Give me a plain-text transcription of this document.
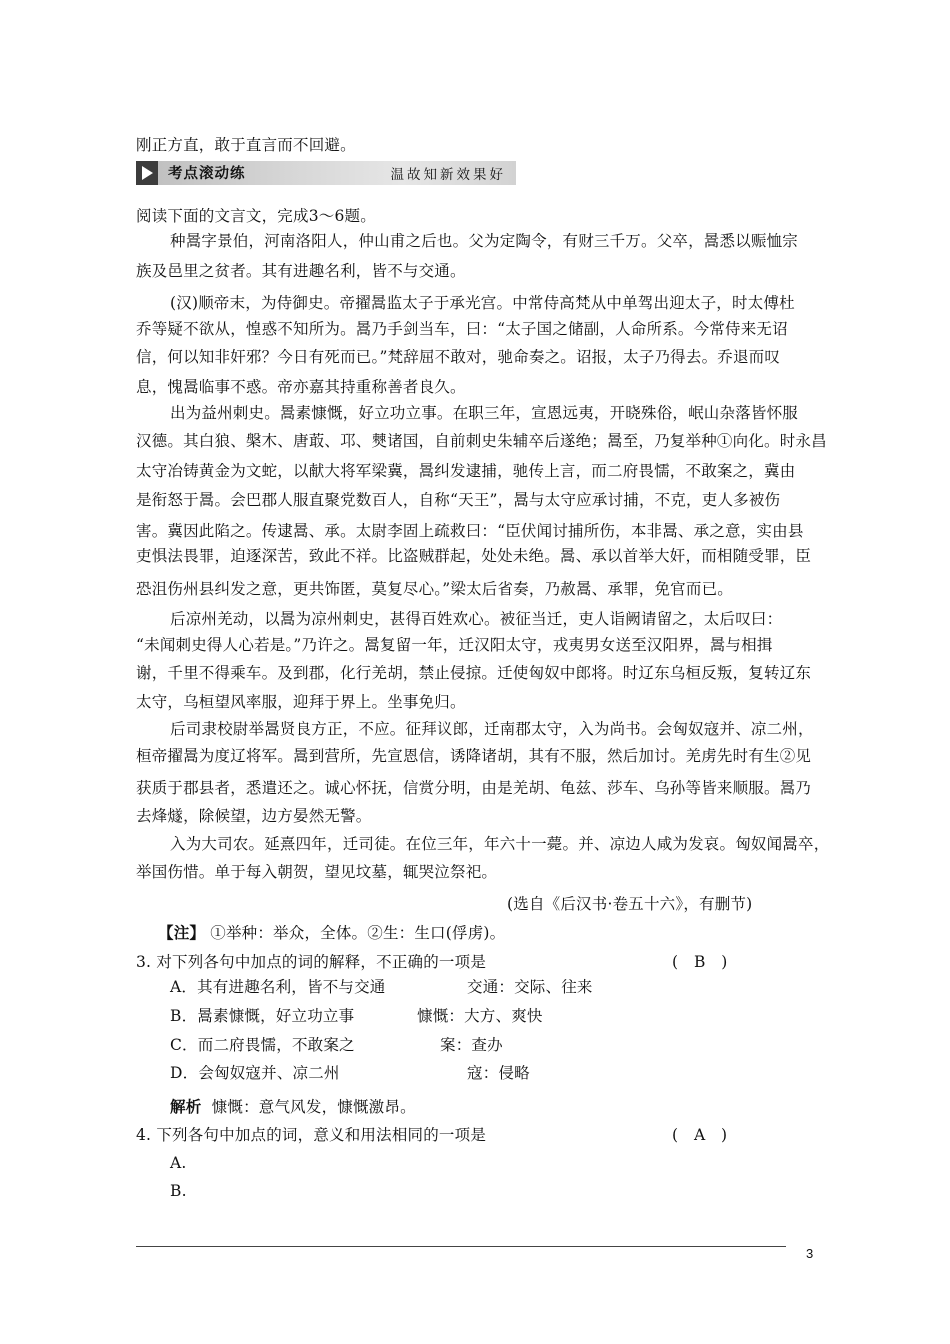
刚正方直，敢于直言而不回避。
考点滚动练	温故知新效果好
阅读下面的文言文，完成3～6题。
种暠字景伯，河南洛阳人，仲山甫之后也。父为定陶令，有财三千万。父卒，暠悉以赈恤宗
族及邑里之贫者。其有进趣名利，皆不与交通。
(汉)顺帝末，为侍御史。帝擢暠监太子于承光宫。中常侍高梵从中单驾出迎太子，时太傅杜
乔等疑不欲从，惶惑不知所为。暠乃手剑当车，曰：“太子国之储副，人命所系。今常侍来无诏
信，何以知非奸邪？今日有死而已。”梵辞屈不敢对，驰命奏之。诏报，太子乃得去。乔退而叹
息，愧暠临事不惑。帝亦嘉其持重称善者良久。
出为益州刺史。暠素慷慨，好立功立事。在职三年，宣恩远夷，开晓殊俗，岷山杂落皆怀服
汉德。其白狼、槃木、唐菆、邛、僰诸国，自前刺史朱辅卒后遂绝；暠至，乃复举种①向化。时永昌
太守冶铸黄金为文蛇，以献大将军梁冀，暠纠发逮捕，驰传上言，而二府畏懦，不敢案之，冀由
是衔怒于暠。会巴郡人服直聚党数百人，自称“天王”，暠与太守应承讨捕，不克，吏人多被伤
害。冀因此陷之。传逮暠、承。太尉李固上疏救曰：“臣伏闻讨捕所伤，本非暠、承之意，实由县
吏惧法畏罪，迫逐深苦，致此不祥。比盗贼群起，处处未绝。暠、承以首举大奸，而相随受罪，臣
恐沮伤州县纠发之意，更共饰匿，莫复尽心。”梁太后省奏，乃赦暠、承罪，免官而已。
后凉州羌动，以暠为凉州刺史，甚得百姓欢心。被征当迁，吏人诣阙请留之，太后叹曰：
“未闻刺史得人心若是。”乃许之。暠复留一年，迁汉阳太守，戎夷男女送至汉阳界，暠与相揖
谢，千里不得乘车。及到郡，化行羌胡，禁止侵掠。迁使匈奴中郎将。时辽东乌桓反叛，复转辽东
太守，乌桓望风率服，迎拜于界上。坐事免归。
后司隶校尉举暠贤良方正，不应。征拜议郎，迁南郡太守，入为尚书。会匈奴寇并、凉二州，
桓帝擢暠为度辽将军。暠到营所，先宣恩信，诱降诸胡，其有不服，然后加讨。羌虏先时有生②见
获质于郡县者，悉遣还之。诚心怀抚，信赏分明，由是羌胡、龟兹、莎车、乌孙等皆来顺服。暠乃
去烽燧，除候望，边方晏然无警。
入为大司农。延熹四年，迁司徒。在位三年，年六十一薨。并、凉边人咸为发哀。匈奴闻暠卒，
举国伤惜。单于每入朝贺，望见坟墓，辄哭泣祭祀。
(选自《后汉书·卷五十六》，有删节)
【注】 ①举种：举众，全体。②生：生口(俘虏)。
3. 对下列各句中加点的词的解释，不正确的一项是	(　B　)
A．其有进趣名利，皆不与交通	交通：交际、往来
B．暠素慷慨，好立功立事	慷慨：大方、爽快
C．而二府畏懦，不敢案之	案：查办
D．会匈奴寇并、凉二州	寇：侵略
解析 慷慨：意气风发，慷慨激昂。
4. 下列各句中加点的词，意义和用法相同的一项是	(　A　)
A.
B.
3
